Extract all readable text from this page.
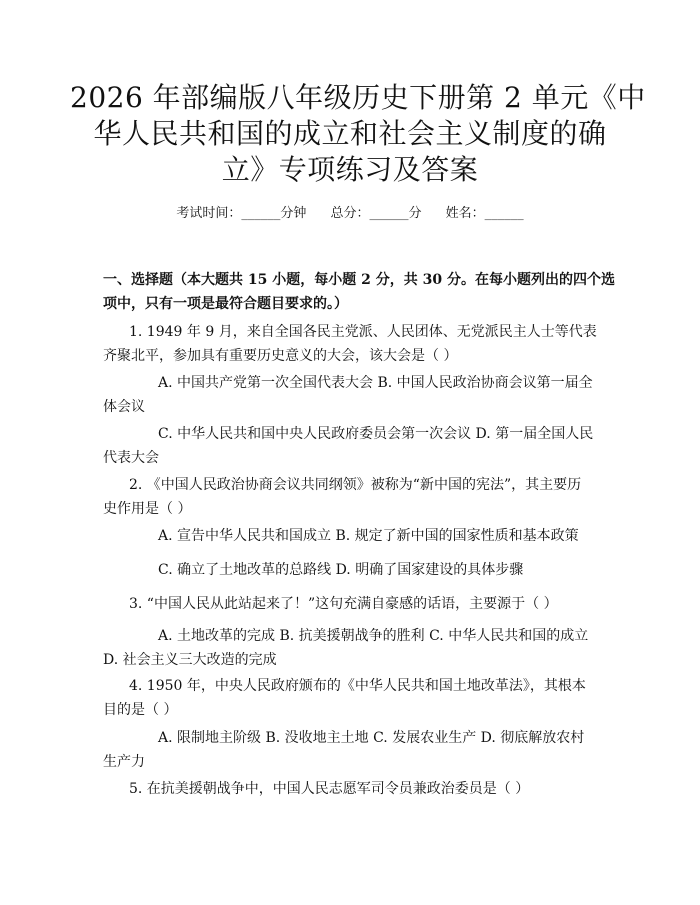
2026 年部编版八年级历史下册第 2 单元《中
华人民共和国的成立和社会主义制度的确
立》专项练习及答案
考试时间：______分钟 总分：______分 姓名：______
一、选择题（本大题共 15 小题，每小题 2 分，共 30 分。在每小题列出的四个选
项中，只有一项是最符合题目要求的。）

1. 1949 年 9 月，来自全国各民主党派、人民团体、无党派民主人士等代表
齐聚北平，参加具有重要历史意义的大会，该大会是（ ）

A. 中国共产党第一次全国代表大会 B. 中国人民政治协商会议第一届全
体会议

C. 中华人民共和国中央人民政府委员会第一次会议 D. 第一届全国人民
代表大会

2. 《中国人民政治协商会议共同纲领》被称为“新中国的宪法”，其主要历
史作用是（ ）

A. 宣告中华人民共和国成立 B. 规定了新中国的国家性质和基本政策

C. 确立了土地改革的总路线 D. 明确了国家建设的具体步骤

3. “中国人民从此站起来了！”这句充满自豪感的话语，主要源于（ ）

A. 土地改革的完成 B. 抗美援朝战争的胜利 C. 中华人民共和国的成立
D. 社会主义三大改造的完成

4. 1950 年，中央人民政府颁布的《中华人民共和国土地改革法》，其根本
目的是（ ）

A. 限制地主阶级 B. 没收地主土地 C. 发展农业生产 D. 彻底解放农村
生产力

5. 在抗美援朝战争中，中国人民志愿军司令员兼政治委员是（ ）
